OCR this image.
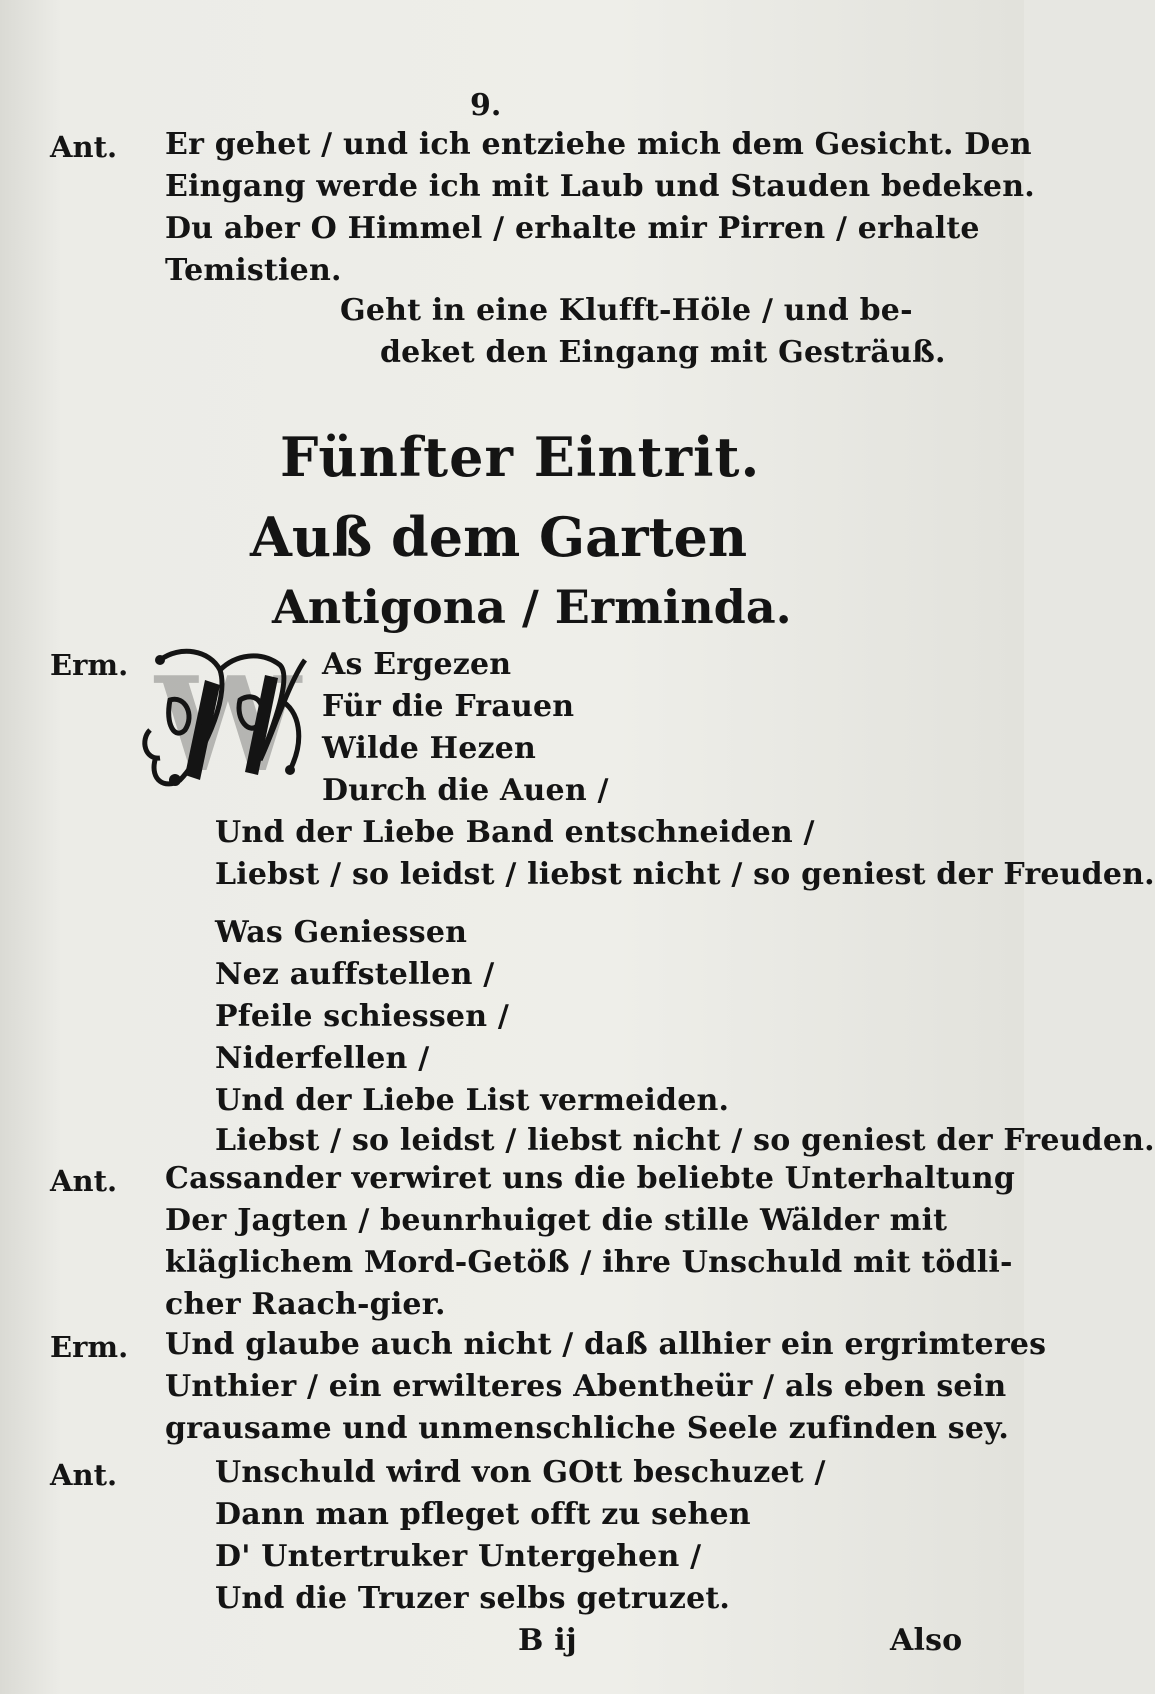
9.
Ant. Er gehet / und ich entziehe mich dem Gesicht. Den
Eingang werde ich mit Laub und Stauden bedeken.
Du aber O Himmel / erhalte mir Pirren / erhalte
Temistien.
Geht in eine Klufft-Höle / und be-
deket den Eingang mit Gesträuß.
Fünfter Eintrit.
Auß dem Garten
Antigona / Erminda.
Erm. W As Ergezen
Für die Frauen
Wilde Hezen
Durch die Auen /
Und der Liebe Band entschneiden /
Liebst / so leidst / liebst nicht / so geniest der Freuden.
Was Geniessen
Nez auffstellen /
Pfeile schiessen /
Niderfellen /
Und der Liebe List vermeiden.
Liebst / so leidst / liebst nicht / so geniest der Freuden.
Ant. Cassander verwiret uns die beliebte Unterhaltung
Der Jagten / beunrhuiget die stille Wälder mit
kläglichem Mord-Getöß / ihre Unschuld mit tödli-
cher Raach-gier.
Erm. Und glaube auch nicht / daß allhier ein ergrimteres
Unthier / ein erwilteres Abentheür / als eben sein
grausame und unmenschliche Seele zufinden sey.
Ant.	Unschuld wird von GOtt beschuzet /
Dann man pfleget offt zu sehen
D' Untertruker Untergehen /
Und die Truzer selbs getruzet.
B ij	Also
